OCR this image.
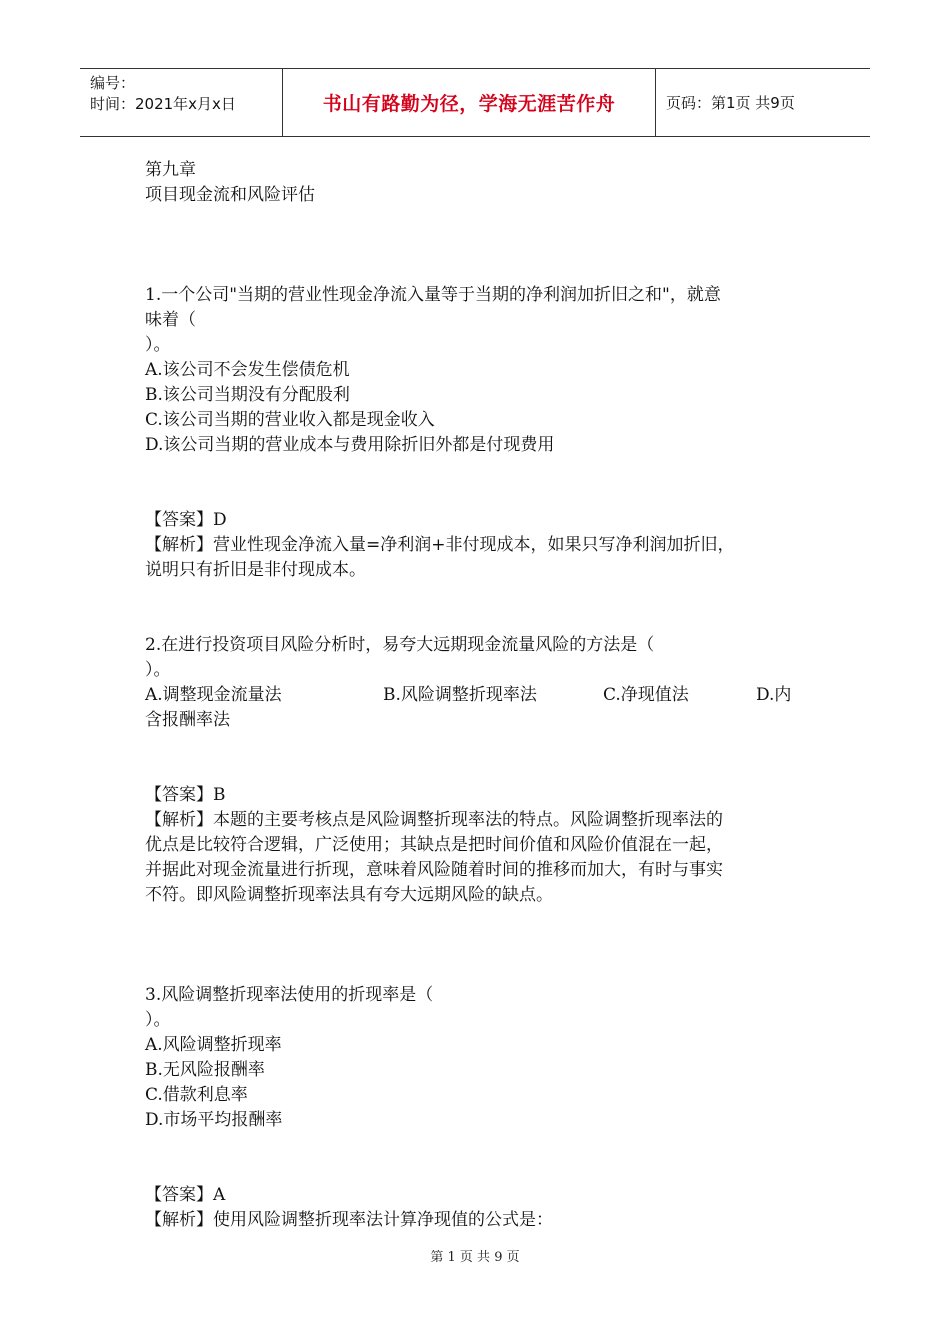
编号：
时间：2021年x月x日	书山有路勤为径，学海无涯苦作舟	页码：第1页 共9页

第九章

项目现金流和风险评估

1.一个公司"当期的营业性现金净流入量等于当期的净利润加折旧之和"，就意

味着（

）。

A.该公司不会发生偿债危机

B.该公司当期没有分配股利

C.该公司当期的营业收入都是现金收入

D.该公司当期的营业成本与费用除折旧外都是付现费用

【答案】D

【解析】营业性现金净流入量=净利润+非付现成本，如果只写净利润加折旧，

说明只有折旧是非付现成本。

2.在进行投资项目风险分析时，易夸大远期现金流量风险的方法是（

）。

A.调整现金流量法	B.风险调整折现率法	C.净现值法	D.内

含报酬率法

【答案】B

【解析】本题的主要考核点是风险调整折现率法的特点。风险调整折现率法的

优点是比较符合逻辑，广泛使用；其缺点是把时间价值和风险价值混在一起，

并据此对现金流量进行折现，意味着风险随着时间的推移而加大，有时与事实

不符。即风险调整折现率法具有夸大远期风险的缺点。

3.风险调整折现率法使用的折现率是（

）。

A.风险调整折现率

B.无风险报酬率

C.借款利息率

D.市场平均报酬率

【答案】A

【解析】使用风险调整折现率法计算净现值的公式是：

第 1 页 共 9 页
